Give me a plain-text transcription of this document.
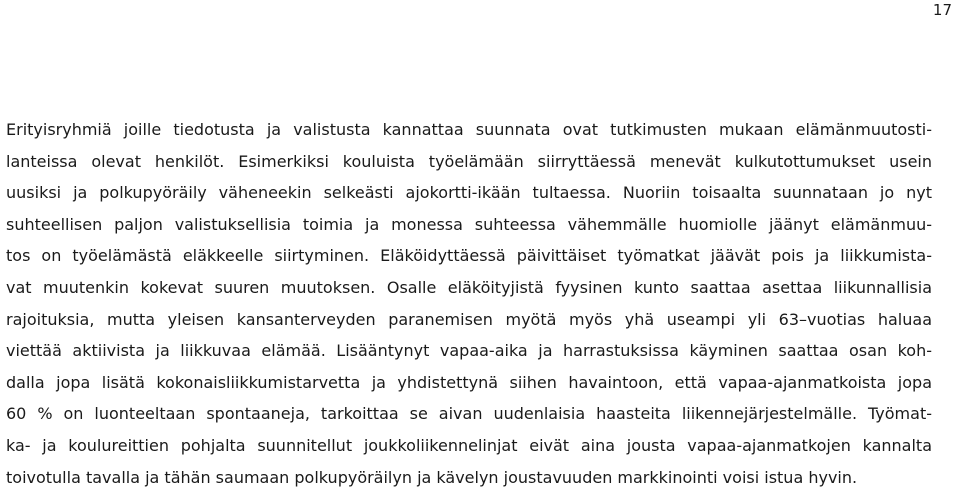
17
Erityisryhmiä joille tiedotusta ja valistusta kannattaa suunnata ovat tutkimusten mukaan elämänmuutosti-
lanteissa olevat henkilöt. Esimerkiksi kouluista työelämään siirryttäessä menevät kulkutottumukset usein
uusiksi ja polkupyöräily väheneekin selkeästi ajokortti-ikään tultaessa. Nuoriin toisaalta suunnataan jo nyt
suhteellisen paljon valistuksellisia toimia ja monessa suhteessa vähemmälle huomiolle jäänyt elämänmuu-
tos on työelämästä eläkkeelle siirtyminen. Eläköidyttäessä päivittäiset työmatkat jäävät pois ja liikkumista-
vat muutenkin kokevat suuren muutoksen. Osalle eläköityjistä fyysinen kunto saattaa asettaa liikunnallisia
rajoituksia, mutta yleisen kansanterveyden paranemisen myötä myös yhä useampi yli 63–vuotias haluaa
viettää aktiivista ja liikkuvaa elämää. Lisääntynyt vapaa-aika ja harrastuksissa käyminen saattaa osan koh-
dalla jopa lisätä kokonaisliikkumistarvetta ja yhdistettynä siihen havaintoon, että vapaa-ajanmatkoista jopa
60 % on luonteeltaan spontaaneja, tarkoittaa se aivan uudenlaisia haasteita liikennejärjestelmälle. Työmat-
ka- ja koulureittien pohjalta suunnitellut joukkoliikennelinjat eivät aina jousta vapaa-ajanmatkojen kannalta
toivotulla tavalla ja tähän saumaan polkupyöräilyn ja kävelyn joustavuuden markkinointi voisi istua hyvin.
